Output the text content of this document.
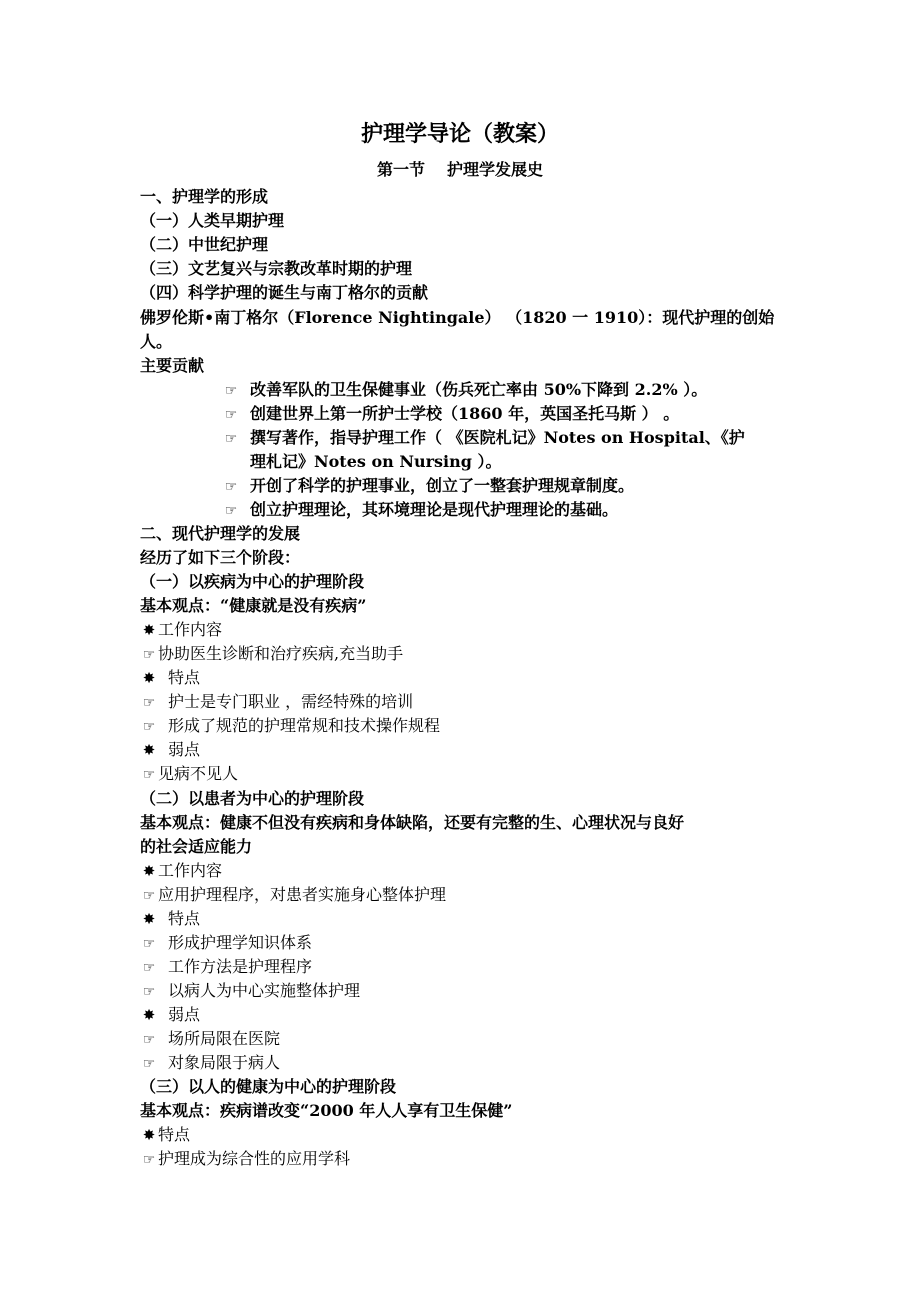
护理学导论（教案）
第一节 护理学发展史
一、护理学的形成
（一）人类早期护理
（二）中世纪护理
（三）文艺复兴与宗教改革时期的护理
（四）科学护理的诞生与南丁格尔的贡献
佛罗伦斯•南丁格尔（Florence Nightingale） （1820 一 1910）：现代护理的创始
人。
主要贡献
☞ 改善军队的卫生保健事业（伤兵死亡率由 50%下降到 2.2% ）。
☞ 创建世界上第一所护士学校（1860 年，英国圣托马斯 ） 。
☞ 撰写著作，指导护理工作（ 《医院札记》Notes on Hospital、《护
理札记》Notes on Nursing ）。
☞ 开创了科学的护理事业，创立了一整套护理规章制度。
☞ 创立护理理论，其环境理论是现代护理理论的基础。
二、现代护理学的发展
经历了如下三个阶段：
（一）以疾病为中心的护理阶段
基本观点：“健康就是没有疾病”
✸ 工作内容
☞ 协助医生诊断和治疗疾病,充当助手
✸ 特点
☞ 护士是专门职业 ，需经特殊的培训
☞ 形成了规范的护理常规和技术操作规程
✸ 弱点
☞ 见病不见人
（二）以患者为中心的护理阶段
基本观点：健康不但没有疾病和身体缺陷，还要有完整的生、心理状况与良好
的社会适应能力
✸ 工作内容
☞ 应用护理程序，对患者实施身心整体护理
✸ 特点
☞ 形成护理学知识体系
☞ 工作方法是护理程序
☞ 以病人为中心实施整体护理
✸ 弱点
☞ 场所局限在医院
☞ 对象局限于病人
（三）以人的健康为中心的护理阶段
基本观点：疾病谱改变“2000 年人人享有卫生保健”
✸ 特点
☞ 护理成为综合性的应用学科
